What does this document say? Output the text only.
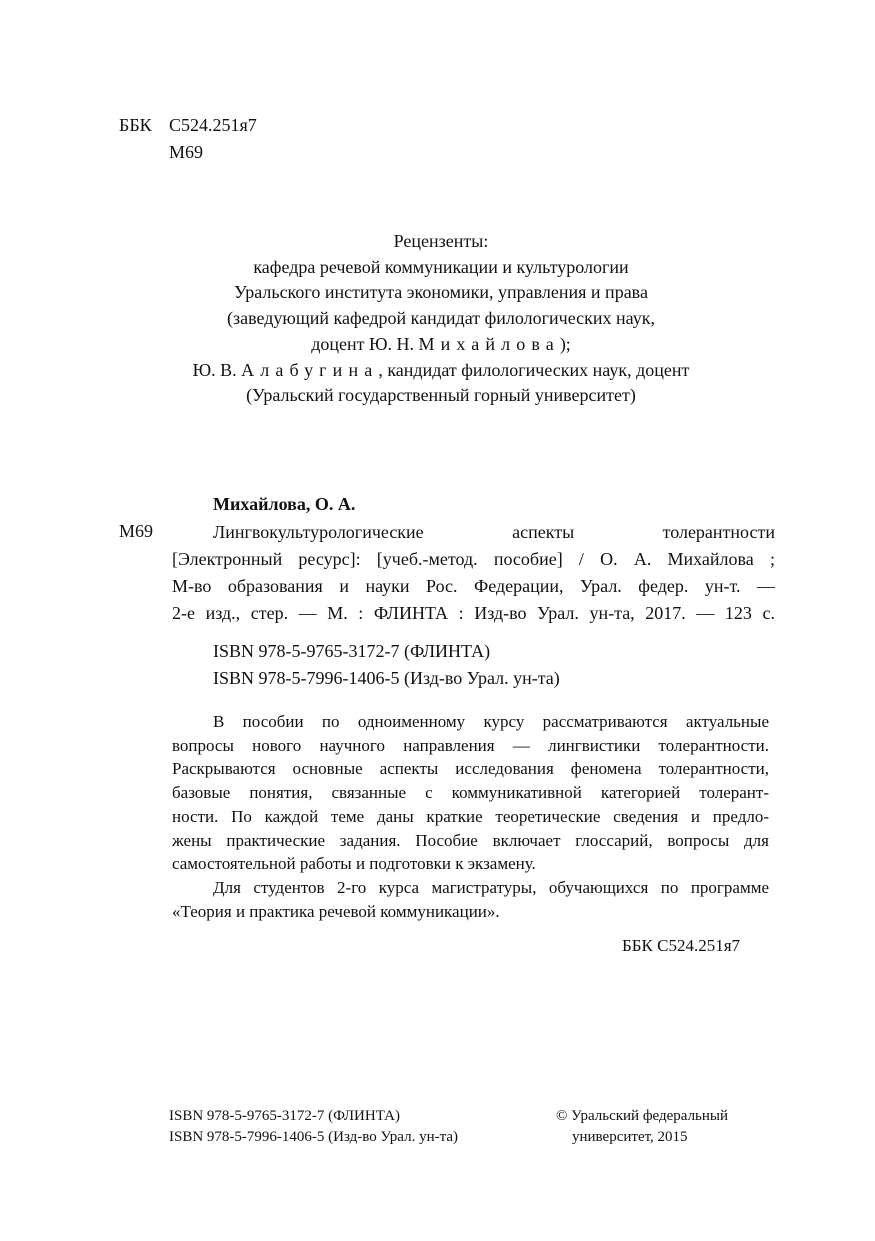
ББК С524.251я7
М69
Рецензенты:
кафедра речевой коммуникации и культурологии
Уральского института экономики, управления и права
(заведующий кафедрой кандидат филологических наук,
доцент Ю. Н. Михайлова);
Ю. В. Алабугина, кандидат филологических наук, доцент
(Уральский государственный горный университет)
Михайлова, О. А.
М69	Лингвокультурологические аспекты толерантности
[Электронный ресурс]: [учеб.-метод. пособие] / О. А. Михайлова ;
М-во образования и науки Рос. Федерации, Урал. федер. ун-т. —
2-е изд., стер. — М. : ФЛИНТА : Изд-во Урал. ун-та, 2017. — 123 с.
ISBN 978-5-9765-3172-7 (ФЛИНТА)
ISBN 978-5-7996-1406-5 (Изд-во Урал. ун-та)
В пособии по одноименному курсу рассматриваются актуальные
вопросы нового научного направления — лингвистики толерантности.
Раскрываются основные аспекты исследования феномена толерантности,
базовые понятия, связанные с коммуникативной категорией толерант-
ности. По каждой теме даны краткие теоретические сведения и предло-
жены практические задания. Пособие включает глоссарий, вопросы для
самостоятельной работы и подготовки к экзамену.
Для студентов 2-го курса магистратуры, обучающихся по программе
«Теория и практика речевой коммуникации».
ББК С524.251я7
ISBN 978-5-9765-3172-7 (ФЛИНТА)
ISBN 978-5-7996-1406-5 (Изд-во Урал. ун-та)
© Уральский федеральный
университет, 2015
